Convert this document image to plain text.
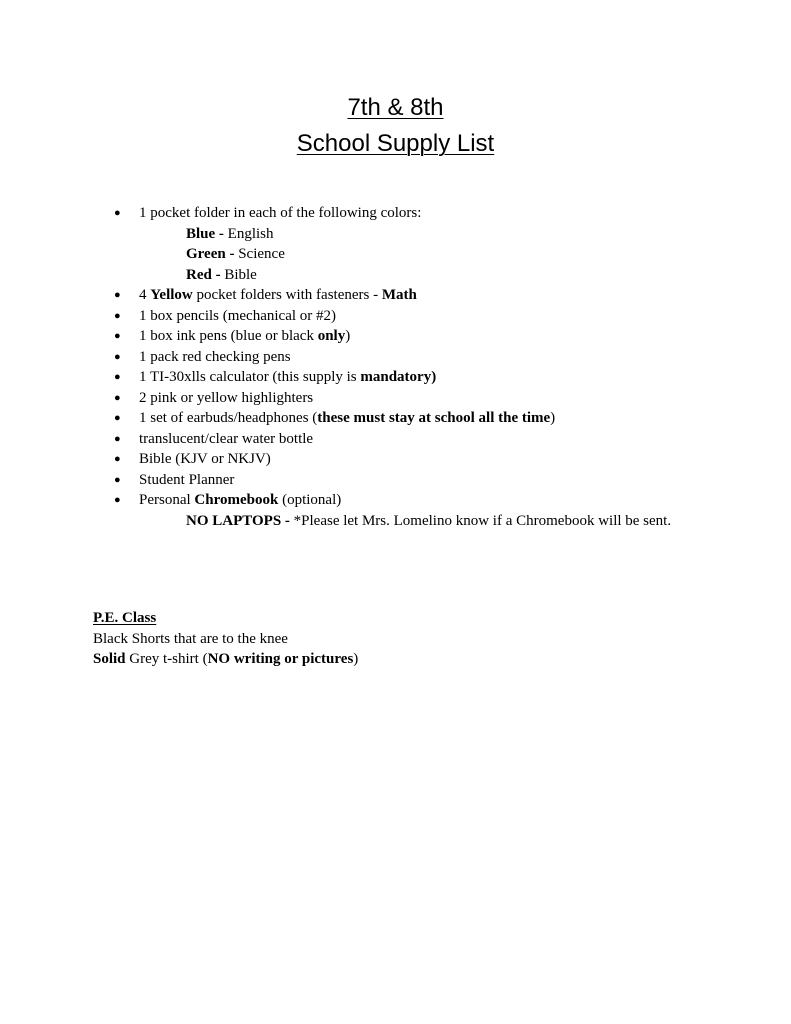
7th & 8th
School Supply List
● 1 pocket folder in each of the following colors:
Blue - English
Green - Science
Red - Bible
● 4 Yellow pocket folders with fasteners - Math
● 1 box pencils (mechanical or #2)
● 1 box ink pens (blue or black only)
● 1 pack red checking pens
● 1 TI-30xlls calculator (this supply is mandatory)
● 2 pink or yellow highlighters
● 1 set of earbuds/headphones (these must stay at school all the time)
● translucent/clear water bottle
● Bible (KJV or NKJV)
● Student Planner
● Personal Chromebook (optional)
NO LAPTOPS - *Please let Mrs. Lomelino know if a Chromebook will be sent.
P.E. Class
Black Shorts that are to the knee
Solid Grey t-shirt (NO writing or pictures)
